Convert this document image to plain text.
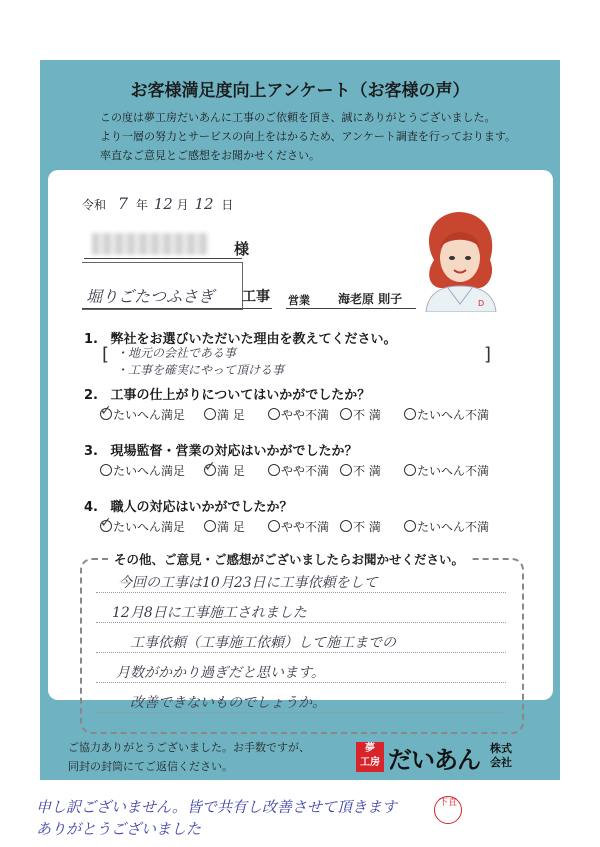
お客様満足度向上アンケート（お客様の声）
この度は夢工房だいあんに工事のご依頼を頂き、誠にありがとうございました。
より一層の努力とサービスの向上をはかるため、アンケート調査を行っております。
率直なご意見とご感想をお聞かせください。
令和 7 年 12 月 12 日
様
堀りごたつふさぎ 工事 営業 海老原 則子	D
1. 弊社をお選びいただいた理由を教えてください。
[	]
・地元の会社である事
・工事を確実にやって頂ける事
2. 工事の仕上がりについてはいかがでしたか？
✓たいへん満足	満 足	やや不満	不 満	たいへん不満
3. 現場監督・営業の対応はいかがでしたか？
たいへん満足
✓	満 足	やや不満	不 満	たいへん不満
4. 職人の対応はいかがでしたか？
✓たいへん満足	満 足	やや不満	不 満	たいへん不満
その他、ご意見・ご感想がございましたらお聞かせください。
今回の工事は10月23日に工事依頼をして
12月8日に工事施工されました
工事依頼（工事施工依頼）して施工までの
月数がかかり過ぎだと思います。
改善できないものでしょうか。
ご協力ありがとうございました。お手数ですが、
同封の封筒にてご返信ください。
夢
工房 だいあん 株式
会社
申し訳ございません。皆で共有し改善させて頂きます
ありがとうございました
下直
